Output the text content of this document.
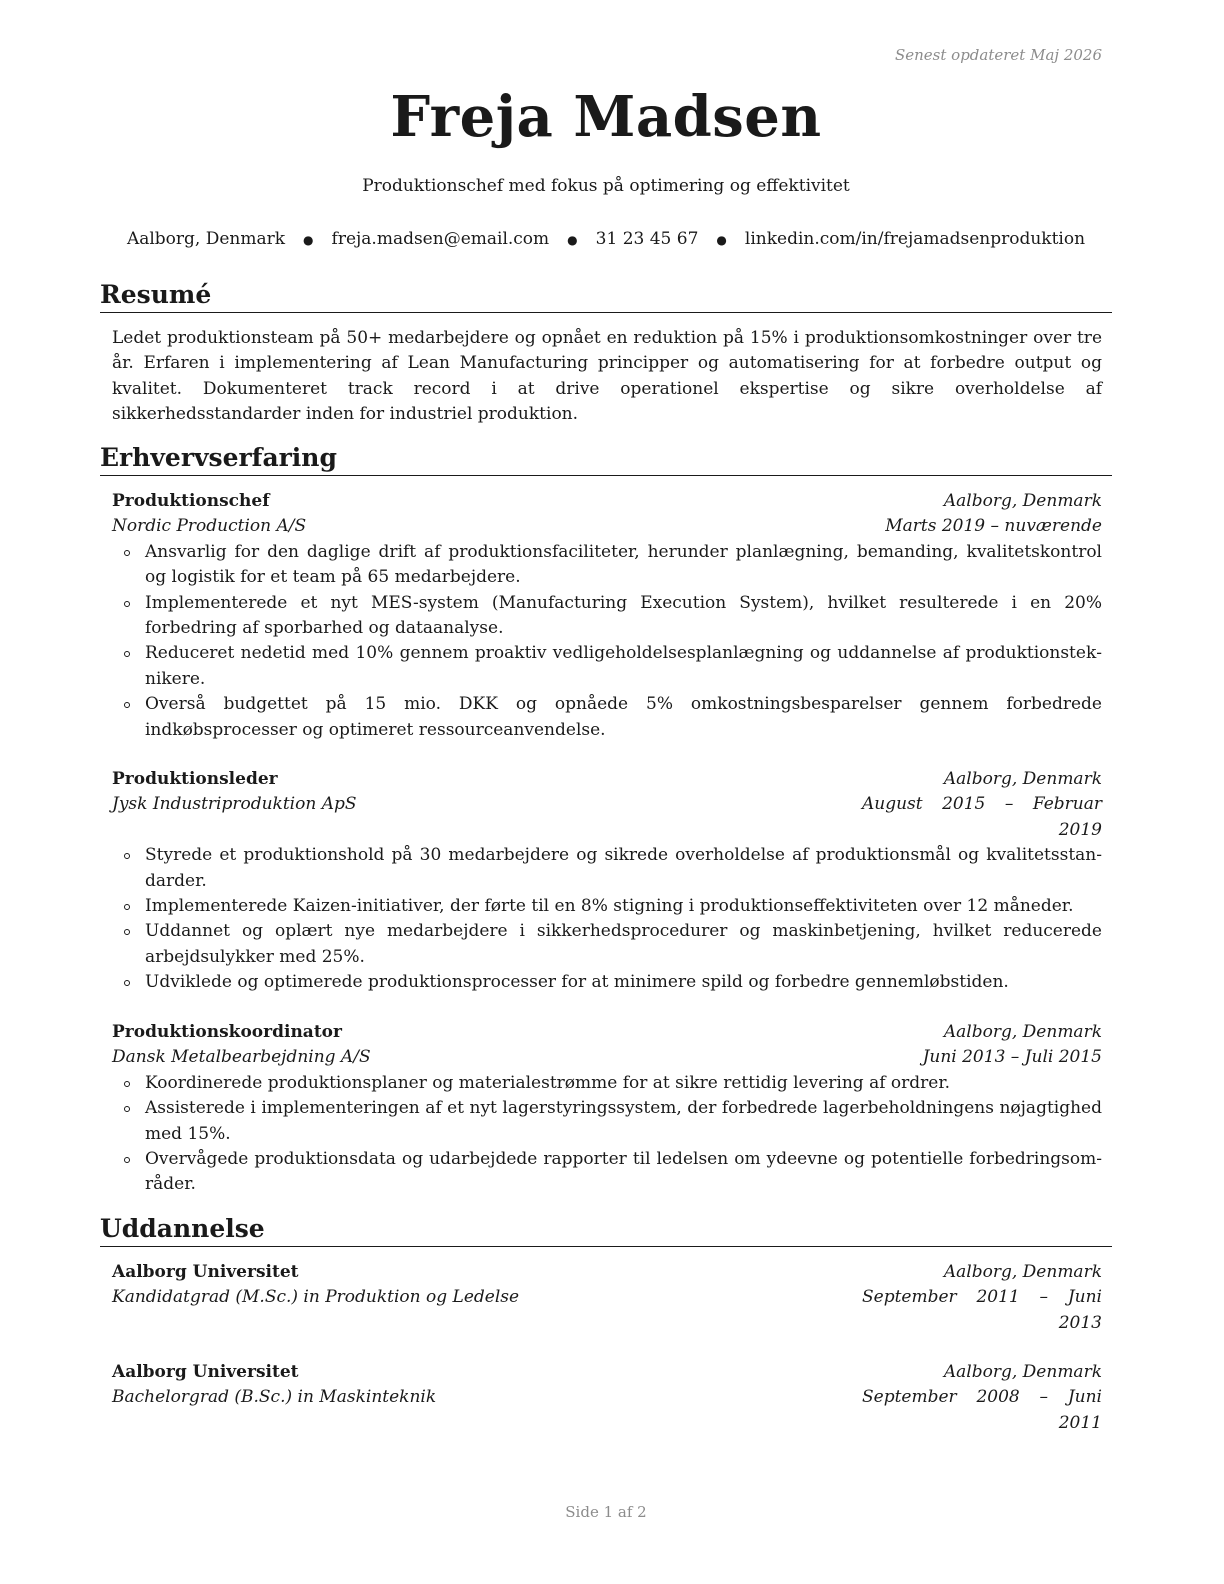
Senest opdateret Maj 2026
Freja Madsen
Produktionschef med fokus på optimering og effektivitet
Aalborg, Denmark ● freja.madsen@email.com ● 31 23 45 67 ● linkedin.com/in/frejamadsenproduktion
Resumé
Ledet produktionsteam på 50+ medarbejdere og opnået en reduktion på 15% i produktionsomkostninger over tre år. Erfaren i implementering af Lean Manufacturing principper og automatisering for at forbedre output og kvalitet. Dokumenteret track record i at drive operationel ekspertise og sikre overholdelse af sikkerhedsstandarder inden for industriel produktion.
Erhvervserfaring
Produktionschef	Aalborg, Denmark
Nordic Production A/S	Marts 2019 – nuværende
Ansvarlig for den daglige drift af produktionsfaciliteter, herunder planlægning, bemanding, kvalitetskontrol og logistik for et team på 65 medarbejdere.
Implementerede et nyt MES-system (Manufacturing Execution System), hvilket resulterede i en 20% forbedring af sporbarhed og dataanalyse.
Reduceret nedetid med 10% gennem proaktiv vedligeholdelsesplanlægning og uddannelse af produktionsteknikere.
Overså budgettet på 15 mio. DKK og opnåede 5% omkostningsbesparelser gennem forbedrede indkøbsprocesser og optimeret ressourceanvendelse.
Produktionsleder	Aalborg, Denmark
Jysk Industriproduktion ApS	August 2015 – Februar 2019
Styrede et produktionshold på 30 medarbejdere og sikrede overholdelse af produktionsmål og kvalitetsstandarder.
Implementerede Kaizen-initiativer, der førte til en 8% stigning i produktionseffektiviteten over 12 måneder.
Uddannet og oplært nye medarbejdere i sikkerhedsprocedurer og maskinbetjening, hvilket reducerede arbejdsulykker med 25%.
Udviklede og optimerede produktionsprocesser for at minimere spild og forbedre gennemløbstiden.
Produktionskoordinator	Aalborg, Denmark
Dansk Metalbearbejdning A/S	Juni 2013 – Juli 2015
Koordinerede produktionsplaner og materialestrømme for at sikre rettidig levering af ordrer.
Assisterede i implementeringen af et nyt lagerstyringssystem, der forbedrede lagerbeholdningens nøjagtighed med 15%.
Overvågede produktionsdata og udarbejdede rapporter til ledelsen om ydeevne og potentielle forbedringsområder.
Uddannelse
Aalborg Universitet	Aalborg, Denmark
Kandidatgrad (M.Sc.) in Produktion og Ledelse	September 2011 – Juni 2013
Aalborg Universitet	Aalborg, Denmark
Bachelorgrad (B.Sc.) in Maskinteknik	September 2008 – Juni 2011
Side 1 af 2
